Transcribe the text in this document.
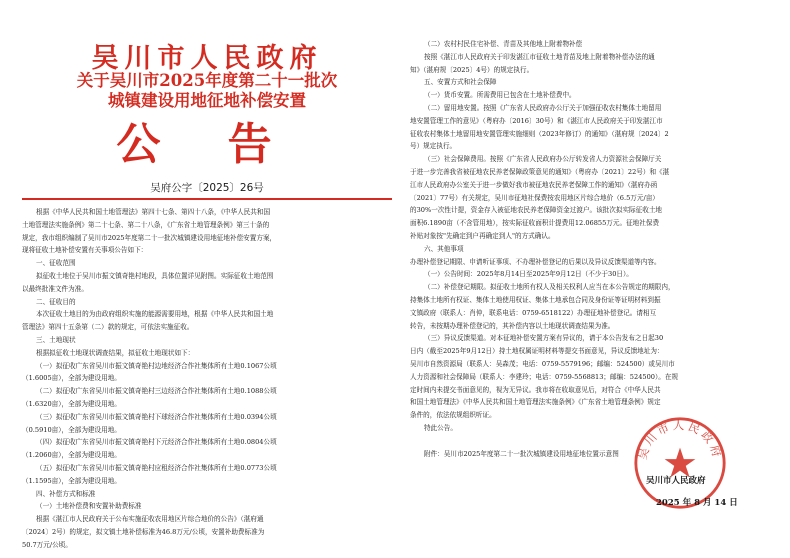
吴川市人民政府
关于吴川市2025年度第二十一批次
城镇建设用地征地补偿安置
公 告
吴府公字〔2025〕26号
根据《中华人民共和国土地管理法》第四十七条、第四十八条，《中华人民共和国
土地管理法实施条例》第二十七条、第二十八条，《广东省土地管理条例》第三十条的
规定，我市组织编制了吴川市2025年度第二十一批次城镇建设用地征地补偿安置方案，
现将征收土地补偿安置有关事项公告如下：
一、征收范围
拟征收土地位于吴川市振文镇奇艳村地段，具体位置详见附图。实际征收土地范围
以最终批准文件为准。
二、征收目的
本次征收土地目的为由政府组织实施的能源需要用地，根据《中华人民共和国土地
管理法》第四十五条第（二）款的规定，可依法实施征收。
三、土地现状
根据拟征收土地现状调查结果，拟征收土地现状如下：
（一）拟征收广东省吴川市振文镇奇艳村边地经济合作社集体所有土地0.1067公顷
（1.6005亩），全部为建设用地。
（二）拟征收广东省吴川市振文镇奇艳村三边经济合作社集体所有土地0.1088公顷
（1.6320亩），全部为建设用地。
（三）拟征收广东省吴川市振文镇奇艳村下球经济合作社集体所有土地0.0394公顷
（0.5910亩），全部为建设用地。
（四）拟征收广东省吴川市振文镇奇艳村下元经济合作社集体所有土地0.0804公顷
（1.2060亩），全部为建设用地。
（五）拟征收广东省吴川市振文镇奇艳村应租经济合作社集体所有土地0.0773公顷
（1.1595亩），全部为建设用地。
四、补偿方式和标准
（一）土地补偿费和安置补助费标准
根据《湛江市人民政府关于公布实施征收农用地区片综合地价的公告》（湛府通
〔2024〕2号）的规定，拟文镇土地补偿标准为46.8万元/公顷，安置补助费标准为
50.7万元/公顷。
（二）农村村民住宅补偿、青苗及其他地上附着物补偿
按照《湛江市人民政府关于印发湛江市征收土地青苗及地上附着物补偿办法的通
知》（湛府规〔2025〕4号）的规定执行。
五、安置方式和社会保障
（一）货币安置。所需费用已包含在土地补偿费中。
（二）留用地安置。按照《广东省人民政府办公厅关于加强征收农村集体土地留用
地安置管理工作的意见》（粤府办〔2016〕30号）和《湛江市人民政府关于印发湛江市
征收农村集体土地留用地安置管理实施细则（2023年修订）的通知》（湛府规〔2024〕2
号）规定执行。
（三）社会保障费用。按照《广东省人民政府办公厅转发省人力资源社会保障厅关
于进一步完善我省被征地农民养老保障政策意见的通知》（粤府办〔2021〕22号）和《湛
江市人民政府办公室关于进一步做好我市被征地农民养老保障工作的通知》（湛府办函
〔2021〕77号）有关规定，吴川市征地社保费按农用地区片综合地价（6.5万元/亩）
的30%一次性计提，资金存入被征地农民养老保障资金过渡户。该批次拟实际征收土地
面积6.1890亩（不含管用地），按实际征收面积计提费用12.06855万元。征地社保费
补贴对象按"先确定到户再确定到人"的方式确认。
六、其他事项
办理补偿登记期限、申请听证事项、不办理补偿登记的后果以及异议反馈渠道等内容。
（一）公告时间：2025年8月14日至2025年9月12日（不少于30日）。
（二）补偿登记期限。拟征收土地所有权人及相关权利人应当在本公告规定的期限内，
持集体土地所有权证、集体土地使用权证、集体土地承包合同及身份证等证明材料到振
文镇政府（联系人：肖仲，联系电话：0759-6518122）办理征地补偿登记。请相互
转告，未按期办理补偿登记的，其补偿内容以土地现状调查结果为准。
（三）异议反馈渠道。对本征地补偿安置方案有异议的，请于本公告发布之日起30
日内（截至2025年9月12日）持土地权属证明材料等提交书面意见，异议反馈地址为：
吴川市自然资源局（联系人：吴森茂；电话：0759-5579196；邮编：524500）或吴川市
人力资源和社会保障局（联系人：李建玲；电话：0759-5568813；邮编：524500）。在规
定时间内未提交书面意见的，视为无异议。我市将在收取意见后，对符合《中华人民共
和国土地管理法》《中华人民共和国土地管理法实施条例》《广东省土地管理条例》规定
条件的，依法依规组织听证。
特此公告。
附件：吴川市2025年度第二十一批次城镇建设用地征地位置示意图	吴川市人民政府
吴川市人民政府
2025 年 8 月 14 日
